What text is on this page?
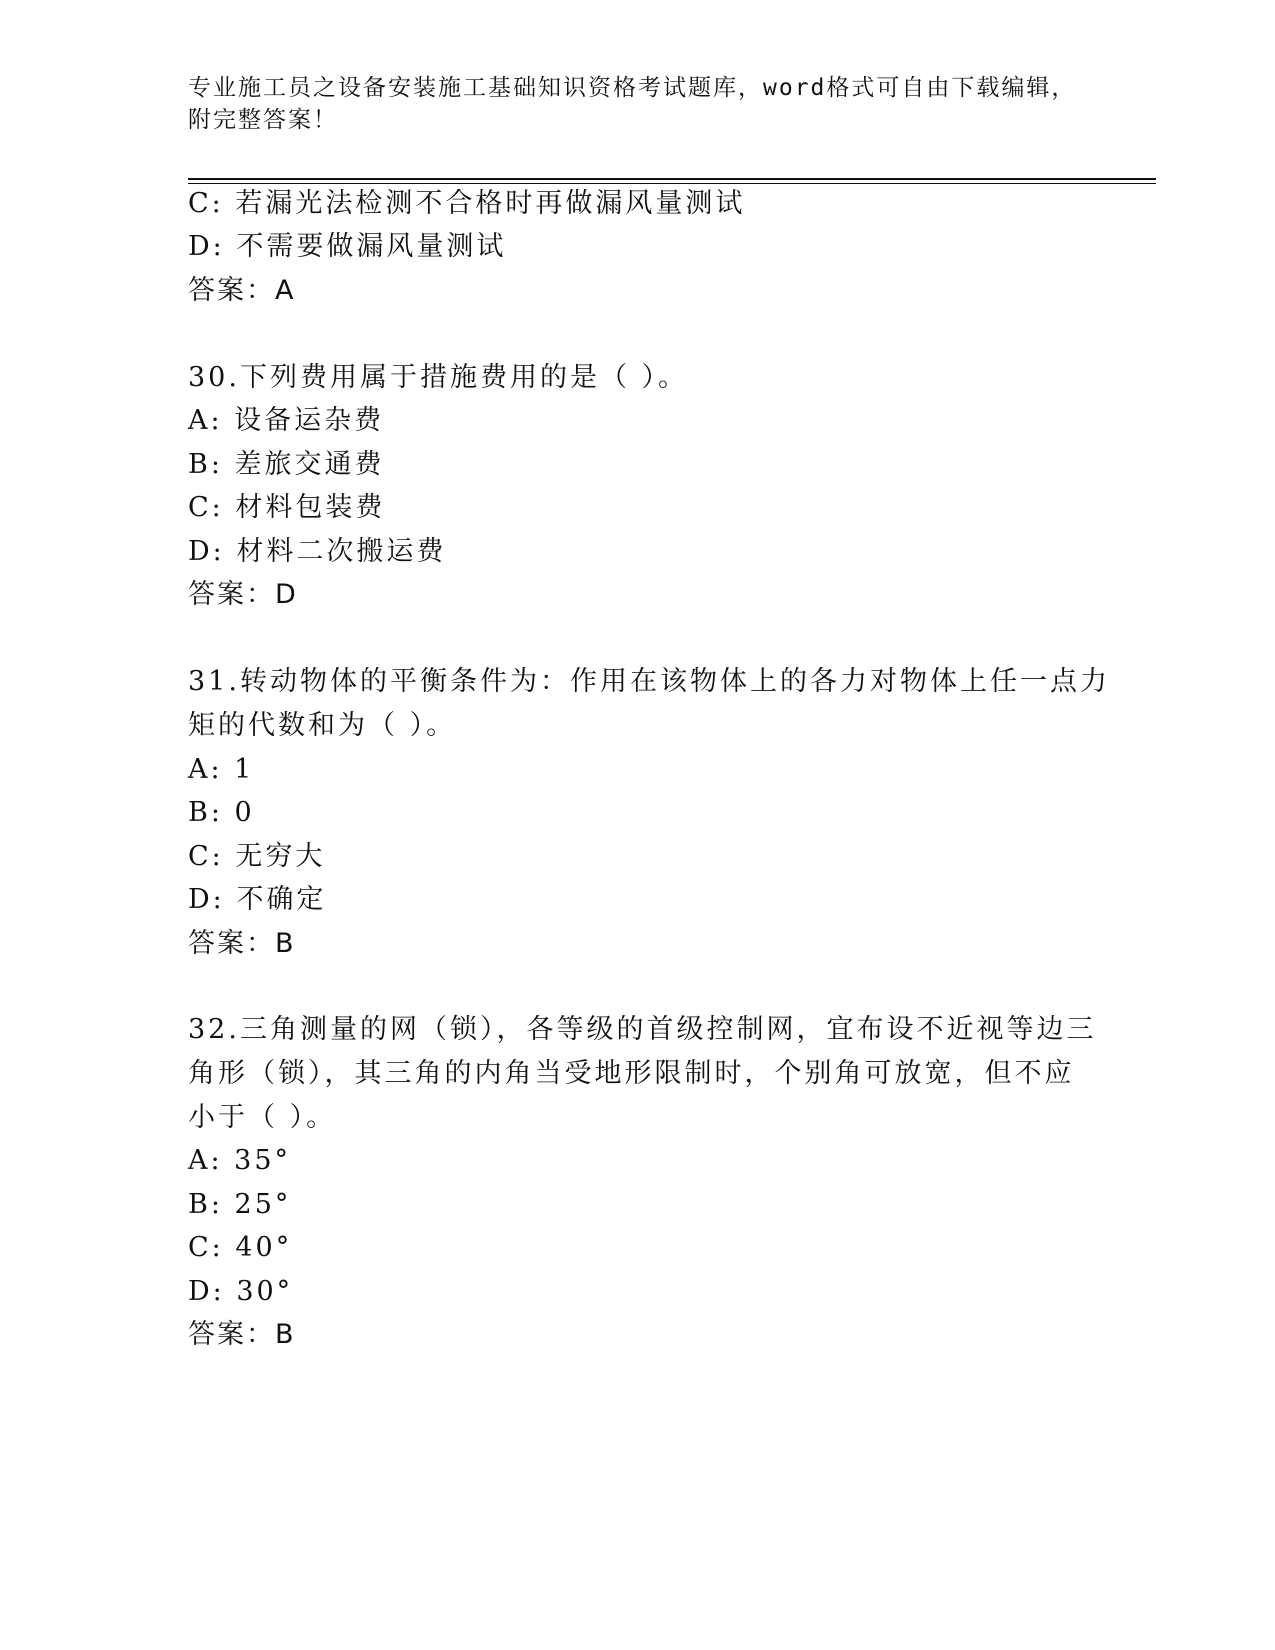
专业施工员之设备安装施工基础知识资格考试题库，word格式可自由下载编辑，
附完整答案！
C: 若漏光法检测不合格时再做漏风量测试
D: 不需要做漏风量测试
答案：A
30.下列费用属于措施费用的是（ ）。
A: 设备运杂费
B: 差旅交通费
C: 材料包装费
D: 材料二次搬运费
答案：D
31.转动物体的平衡条件为：作用在该物体上的各力对物体上任一点力
矩的代数和为（ ）。
A: 1
B: 0
C: 无穷大
D: 不确定
答案：B
32.三角测量的网（锁），各等级的首级控制网，宜布设不近视等边三
角形（锁），其三角的内角当受地形限制时，个别角可放宽，但不应
小于（ ）。
A: 35°
B: 25°
C: 40°
D: 30°
答案：B
